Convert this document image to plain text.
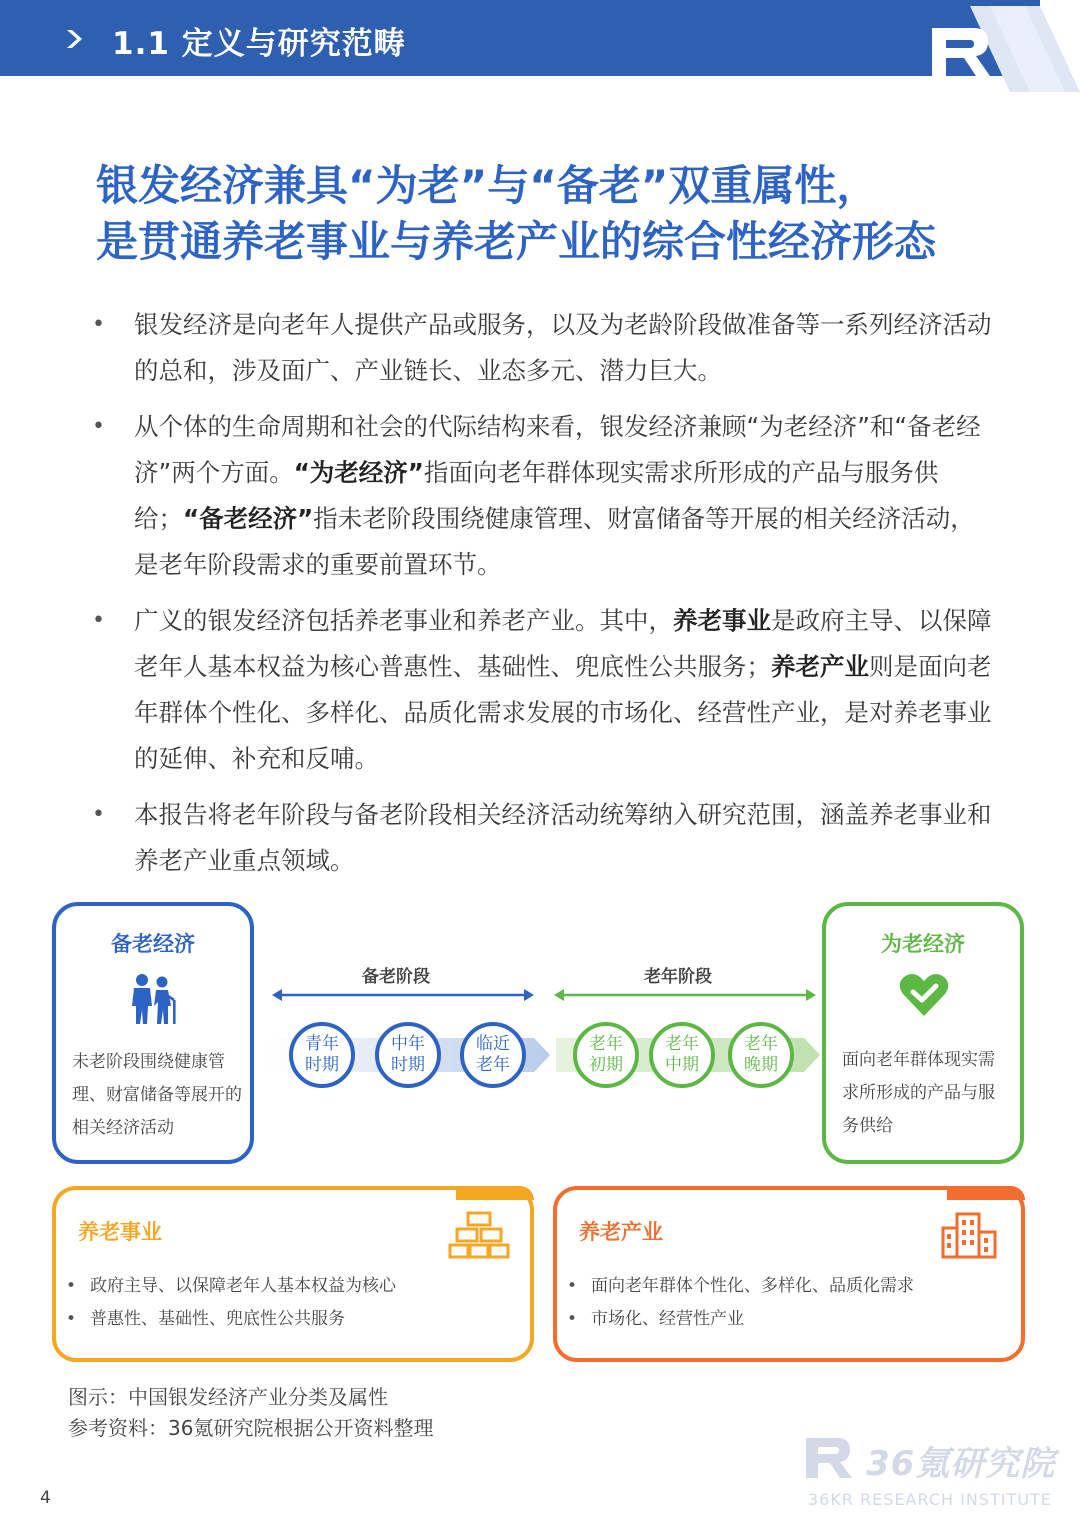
1.1 定义与研究范畴
银发经济兼具“为老”与“备老”双重属性，
是贯通养老事业与养老产业的综合性经济形态
• 银发经济是向老年人提供产品或服务，以及为老龄阶段做准备等一系列经济活动的总和，涉及面广、产业链长、业态多元、潜力巨大。
• 从个体的生命周期和社会的代际结构来看，银发经济兼顾“为老经济”和“备老经济”两个方面。“为老经济”指面向老年群体现实需求所形成的产品与服务供给；“备老经济”指未老阶段围绕健康管理、财富储备等开展的相关经济活动，是老年阶段需求的重要前置环节。
• 广义的银发经济包括养老事业和养老产业。其中，养老事业是政府主导、以保障老年人基本权益为核心普惠性、基础性、兜底性公共服务；养老产业则是面向老年群体个性化、多样化、品质化需求发展的市场化、经营性产业，是对养老事业的延伸、补充和反哺。
• 本报告将老年阶段与备老阶段相关经济活动统筹纳入研究范围，涵盖养老事业和养老产业重点领域。
备老经济
未老阶段围绕健康管理、财富储备等展开的相关经济活动
为老经济
面向老年群体现实需求所形成的产品与服务供给
备老阶段	老年阶段
青年
时期
中年
时期
临近
老年
老年
初期
老年
中期
老年
晚期
养老事业
• 政府主导、以保障老年人基本权益为核心
• 普惠性、基础性、兜底性公共服务
养老产业
• 面向老年群体个性化、多样化、品质化需求
• 市场化、经营性产业
图示：中国银发经济产业分类及属性
参考资料：36氪研究院根据公开资料整理
4
36氪研究院
36KR RESEARCH INSTITUTE
